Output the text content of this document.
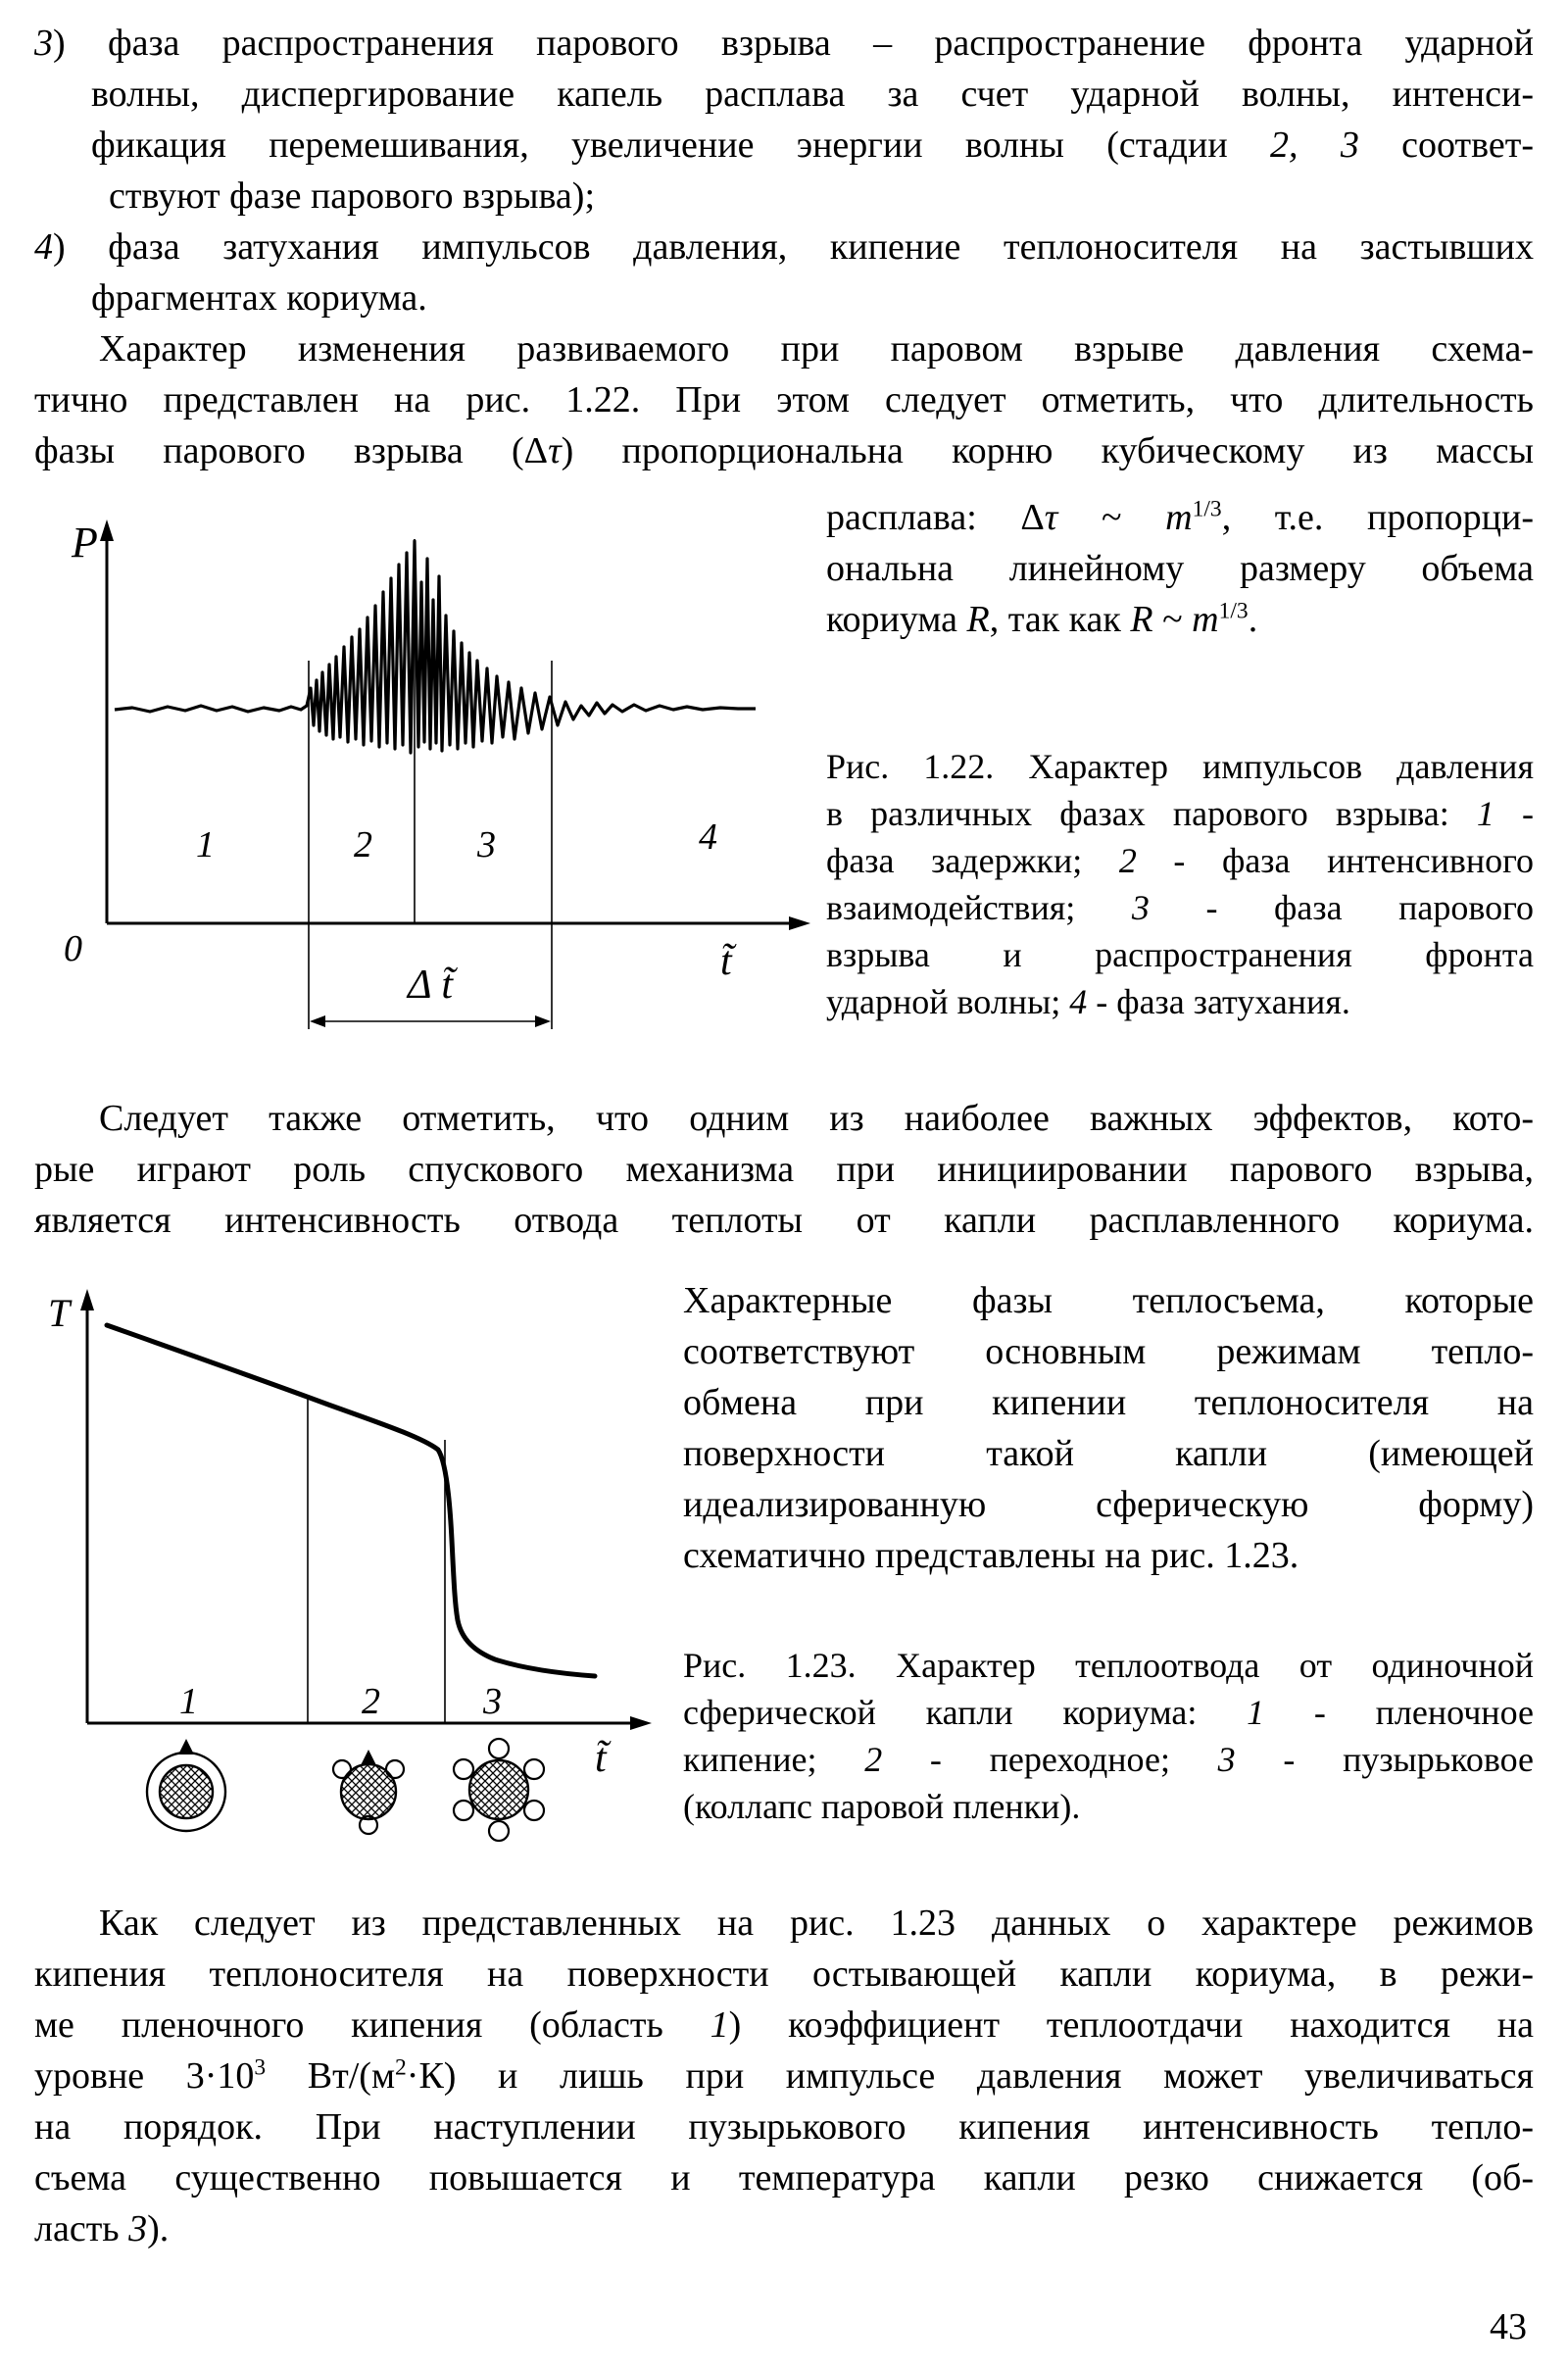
3) фаза распространения парового взрыва – распространение фронта ударной
волны, диспергирование капель расплава за счет ударной волны, интенси-
фикация перемешивания, увеличение энергии волны (стадии 2, 3 соответ-
ствуют фазе парового взрыва);
4) фаза затухания импульсов давления, кипение теплоносителя на застывших
фрагментах кориума.
Характер изменения развиваемого при паровом взрыве давления схема-
тично представлен на рис. 1.22. При этом следует отметить, что длительность
фазы парового взрыва (Δτ) пропорциональна корню кубическому из массы
P
0	t̃
Δ t̃
1	2	3	4
расплава: Δτ ~ $m^{1/3}$, т.е. пропорци-
ональна линейному размеру объема
кориума R, так как R ~ $m^{1/3}$.
Рис. 1.22. Характер импульсов давления
в различных фазах парового взрыва: 1 -
фаза задержки; 2 - фаза интенсивного
взаимодействия; 3 - фаза парового
взрыва и распространения фронта
ударной волны; 4 - фаза затухания.
Следует также отметить, что одним из наиболее важных эффектов, кото-
рые играют роль спускового механизма при инициировании парового взрыва,
является интенсивность отвода теплоты от капли расплавленного кориума.
T
t̃
1	2	3
Характерные фазы теплосъема, которые
соответствуют основным режимам тепло-
обмена при кипении теплоносителя на
поверхности такой капли (имеющей
идеализированную сферическую форму)
схематично представлены на рис. 1.23.
Рис. 1.23. Характер теплоотвода от одиночной
сферической капли кориума: 1 - пленочное
кипение; 2 - переходное; 3 - пузырьковое
(коллапс паровой пленки).
Как следует из представленных на рис. 1.23 данных о характере режимов
кипения теплоносителя на поверхности остывающей капли кориума, в режи-
ме пленочного кипения (область 1) коэффициент теплоотдачи находится на
уровне $3\cdot 10^3$ $Вт/(м^2\cdot К)$ и лишь при импульсе давления может увеличиваться
на порядок. При наступлении пузырькового кипения интенсивность тепло-
съема существенно повышается и температура капли резко снижается (об-
ласть 3).
43
